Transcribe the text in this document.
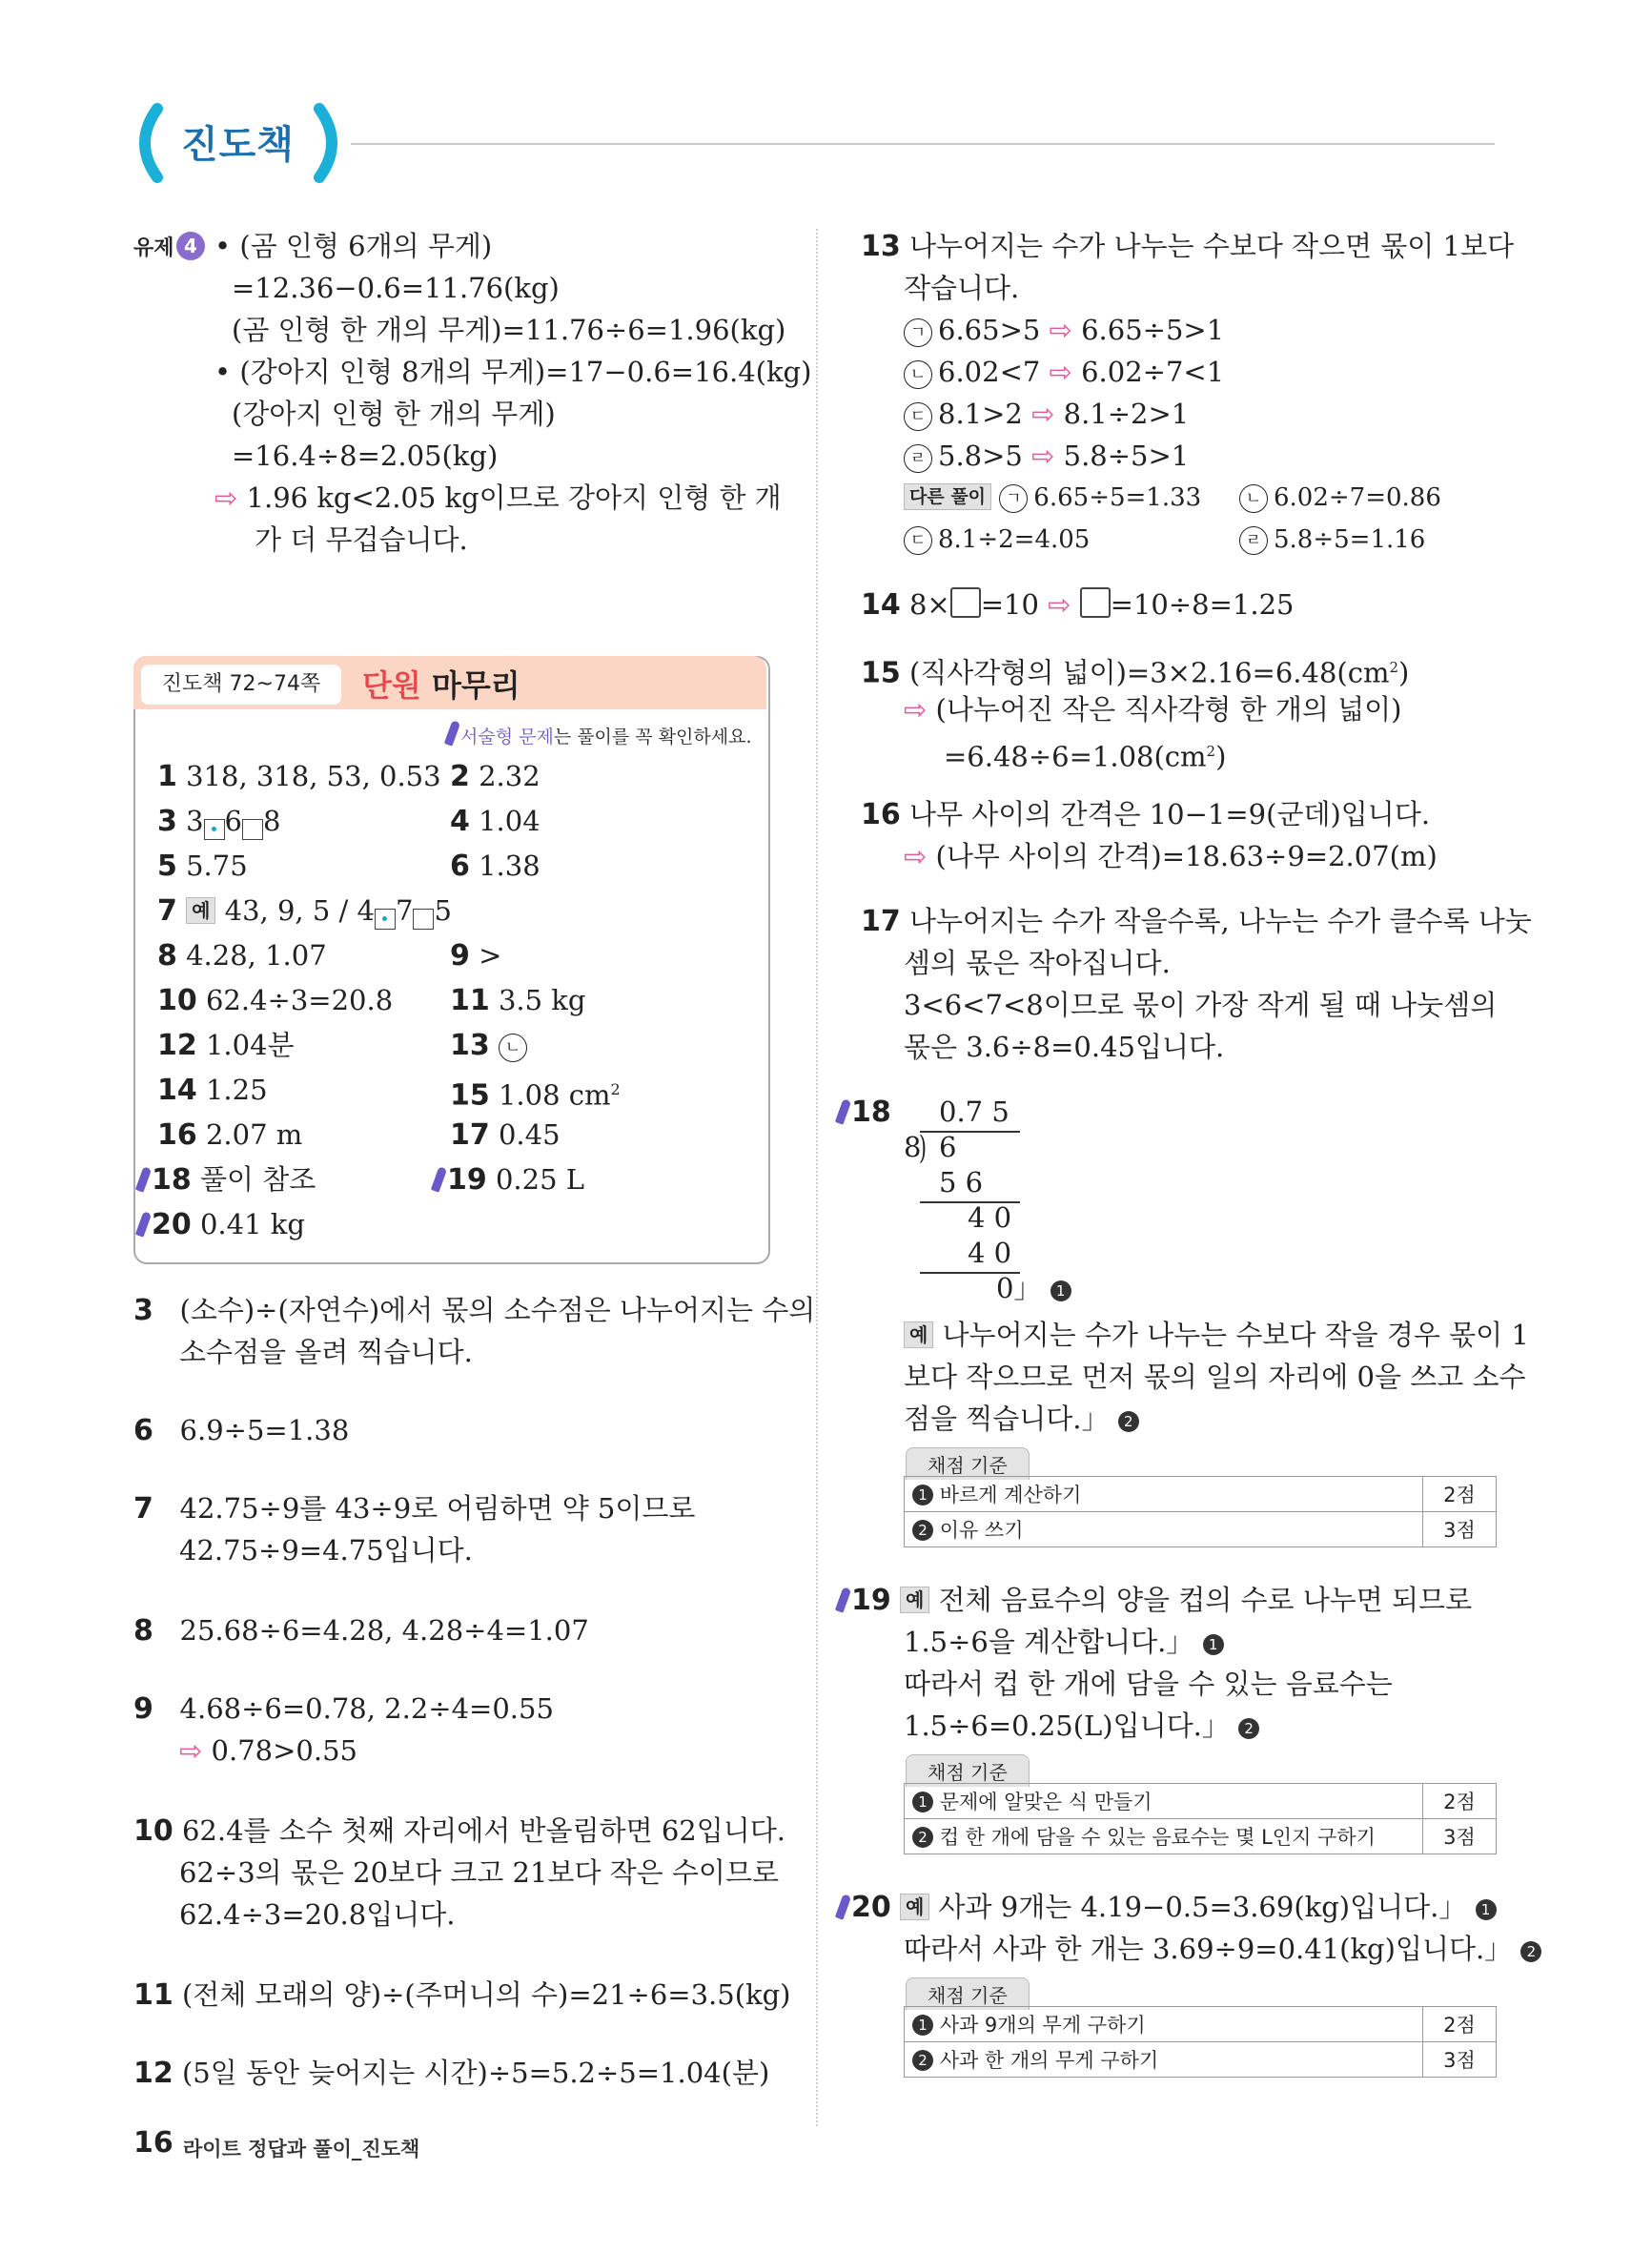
진도책
유제 4 • (곰 인형 6개의 무게)
=12.36−0.6=11.76(kg)
(곰 인형 한 개의 무게)=11.76÷6=1.96(kg)
• (강아지 인형 8개의 무게)=17−0.6=16.4(kg)
(강아지 인형 한 개의 무게)
=16.4÷8=2.05(kg)
⇨ 1.96 kg<2.05 kg이므로 강아지 인형 한 개
가 더 무겁습니다.
진도책 72~74쪽	단원 마무리
서술형 문제는 풀이를 꼭 확인하세요.
1 318, 318, 53, 0.53 2 2.32
3 3 6 8	4 1.04
5 5.75	6 1.38
7 예 43, 9, 5 / 4 7 5
8 4.28, 1.07	9 >
10 62.4÷3=20.8 11 3.5 kg
12 1.04분	13 ㄴ
14 1.25	15 1.08 $cm^2$
16 2.07 m	17 0.45
18 풀이 참조	19 0.25 L
20 0.41 kg
3 (소수)÷(자연수)에서 몫의 소수점은 나누어지는 수의
소수점을 올려 찍습니다.
6 6.9÷5=1.38
7 42.75÷9를 43÷9로 어림하면 약 5이므로
42.75÷9=4.75입니다.
8 25.68÷6=4.28, 4.28÷4=1.07
9 4.68÷6=0.78, 2.2÷4=0.55
⇨ 0.78>0.55
10 62.4를 소수 첫째 자리에서 반올림하면 62입니다.
62÷3의 몫은 20보다 크고 21보다 작은 수이므로
62.4÷3=20.8입니다.
11 (전체 모래의 양)÷(주머니의 수)=21÷6=3.5(kg)
12 (5일 동안 늦어지는 시간)÷5=5.2÷5=1.04(분)
13 나누어지는 수가 나누는 수보다 작으면 몫이 1보다
작습니다.
ㄱ 6.65>5 ⇨ 6.65÷5>1
ㄴ 6.02<7 ⇨ 6.02÷7<1
ㄷ 8.1>2 ⇨ 8.1÷2>1
ㄹ 5.8>5 ⇨ 5.8÷5>1
다른 풀이 ㄱ 6.65÷5=1.33	ㄴ 6.02÷7=0.86
ㄷ 8.1÷2=4.05	ㄹ 5.8÷5=1.16
14 8× =10 ⇨ =10÷8=1.25
15 (직사각형의 넓이)$=3\times 2.16=6.48(cm^2)$
⇨ (나누어진 작은 직사각형 한 개의 넓이)
$=6.48\div 6=1.08(cm^2)$
16 나무 사이의 간격은 10−1=9(군데)입니다.
⇨ (나무 사이의 간격)=18.63÷9=2.07(m)
17 나누어지는 수가 작을수록, 나누는 수가 클수록 나눗
셈의 몫은 작아집니다.
3<6<7<8이므로 몫이 가장 작게 될 때 나눗셈의
몫은 3.6÷8=0.45입니다.
18 0.7 5
8
) 6
5 6
4 0
4 0
0」 1
예 나누어지는 수가 나누는 수보다 작을 경우 몫이 1
보다 작으므로 먼저 몫의 일의 자리에 0을 쓰고 소수
점을 찍습니다.」 2
채점 기준
1 바르게 계산하기	2점
2 이유 쓰기	3점
19 예 전체 음료수의 양을 컵의 수로 나누면 되므로
1.5÷6을 계산합니다.」 1
따라서 컵 한 개에 담을 수 있는 음료수는
1.5÷6=0.25(L)입니다.」 2
채점 기준
1 문제에 알맞은 식 만들기	2점
2 컵 한 개에 담을 수 있는 음료수는 몇 L인지 구하기	3점
20 예 사과 9개는 4.19−0.5=3.69(kg)입니다.」 1
따라서 사과 한 개는 3.69÷9=0.41(kg)입니다.」 2
채점 기준
1 사과 9개의 무게 구하기	2점
2 사과 한 개의 무게 구하기	3점
16 라이트 정답과 풀이_진도책
